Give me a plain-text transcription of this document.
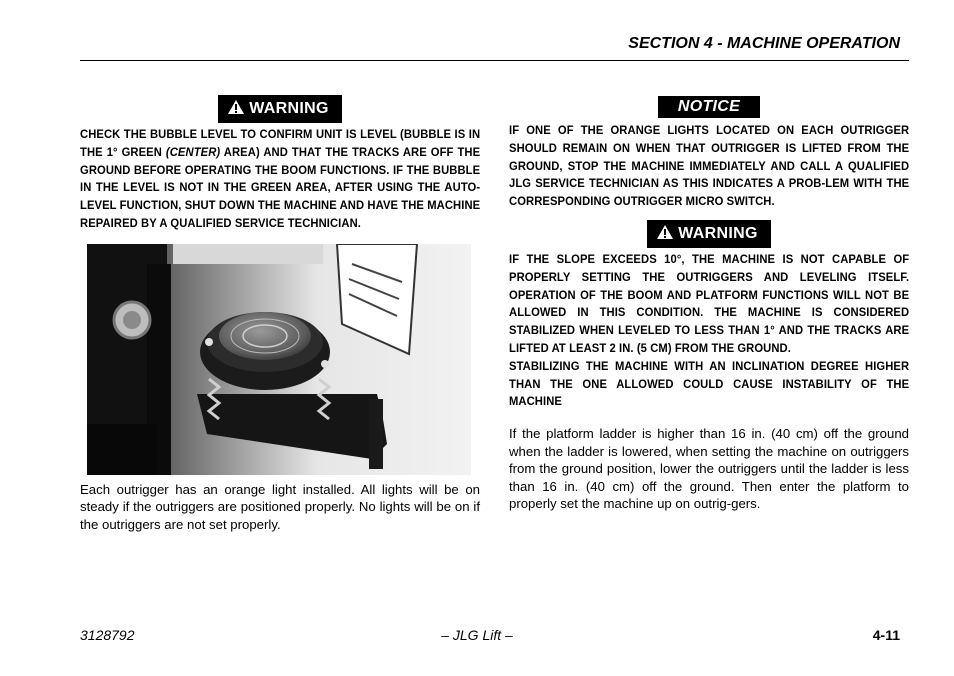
SECTION 4 - MACHINE OPERATION
WARNING

CHECK THE BUBBLE LEVEL TO CONFIRM UNIT IS LEVEL (BUBBLE IS IN THE 1° GREEN (CENTER) AREA) AND THAT THE TRACKS ARE OFF THE GROUND BEFORE OPERATING THE BOOM FUNCTIONS. IF THE BUBBLE IN THE LEVEL IS NOT IN THE GREEN AREA, AFTER USING THE AUTO-LEVEL FUNCTION, SHUT DOWN THE MACHINE AND HAVE THE MACHINE REPAIRED BY A QUALIFIED SERVICE TECHNICIAN.

Each outrigger has an orange light installed. All lights will be on steady if the outriggers are positioned properly. No lights will be on if the outriggers are not set properly.

NOTICE

IF ONE OF THE ORANGE LIGHTS LOCATED ON EACH OUTRIGGER SHOULD REMAIN ON WHEN THAT OUTRIGGER IS LIFTED FROM THE GROUND, STOP THE MACHINE IMMEDIATELY AND CALL A QUALIFIED JLG SERVICE TECHNICIAN AS THIS INDICATES A PROB-LEM WITH THE CORRESPONDING OUTRIGGER MICRO SWITCH.

WARNING

IF THE SLOPE EXCEEDS 10°, THE MACHINE IS NOT CAPABLE OF PROPERLY SETTING THE OUTRIGGERS AND LEVELING ITSELF. OPERATION OF THE BOOM AND PLATFORM FUNCTIONS WILL NOT BE ALLOWED IN THIS CONDITION. THE MACHINE IS CONSIDERED STABILIZED WHEN LEVELED TO LESS THAN 1° AND THE TRACKS ARE LIFTED AT LEAST 2 IN. (5 CM) FROM THE GROUND.

STABILIZING THE MACHINE WITH AN INCLINATION DEGREE HIGHER THAN THE ONE ALLOWED COULD CAUSE INSTABILITY OF THE MACHINE

If the platform ladder is higher than 16 in. (40 cm) off the ground when the ladder is lowered, when setting the machine on outriggers from the ground position, lower the outriggers until the ladder is less than 16 in. (40 cm) off the ground. Then enter the platform to properly set the machine up on outrig-gers.

3128792	– JLG Lift –	4-11
